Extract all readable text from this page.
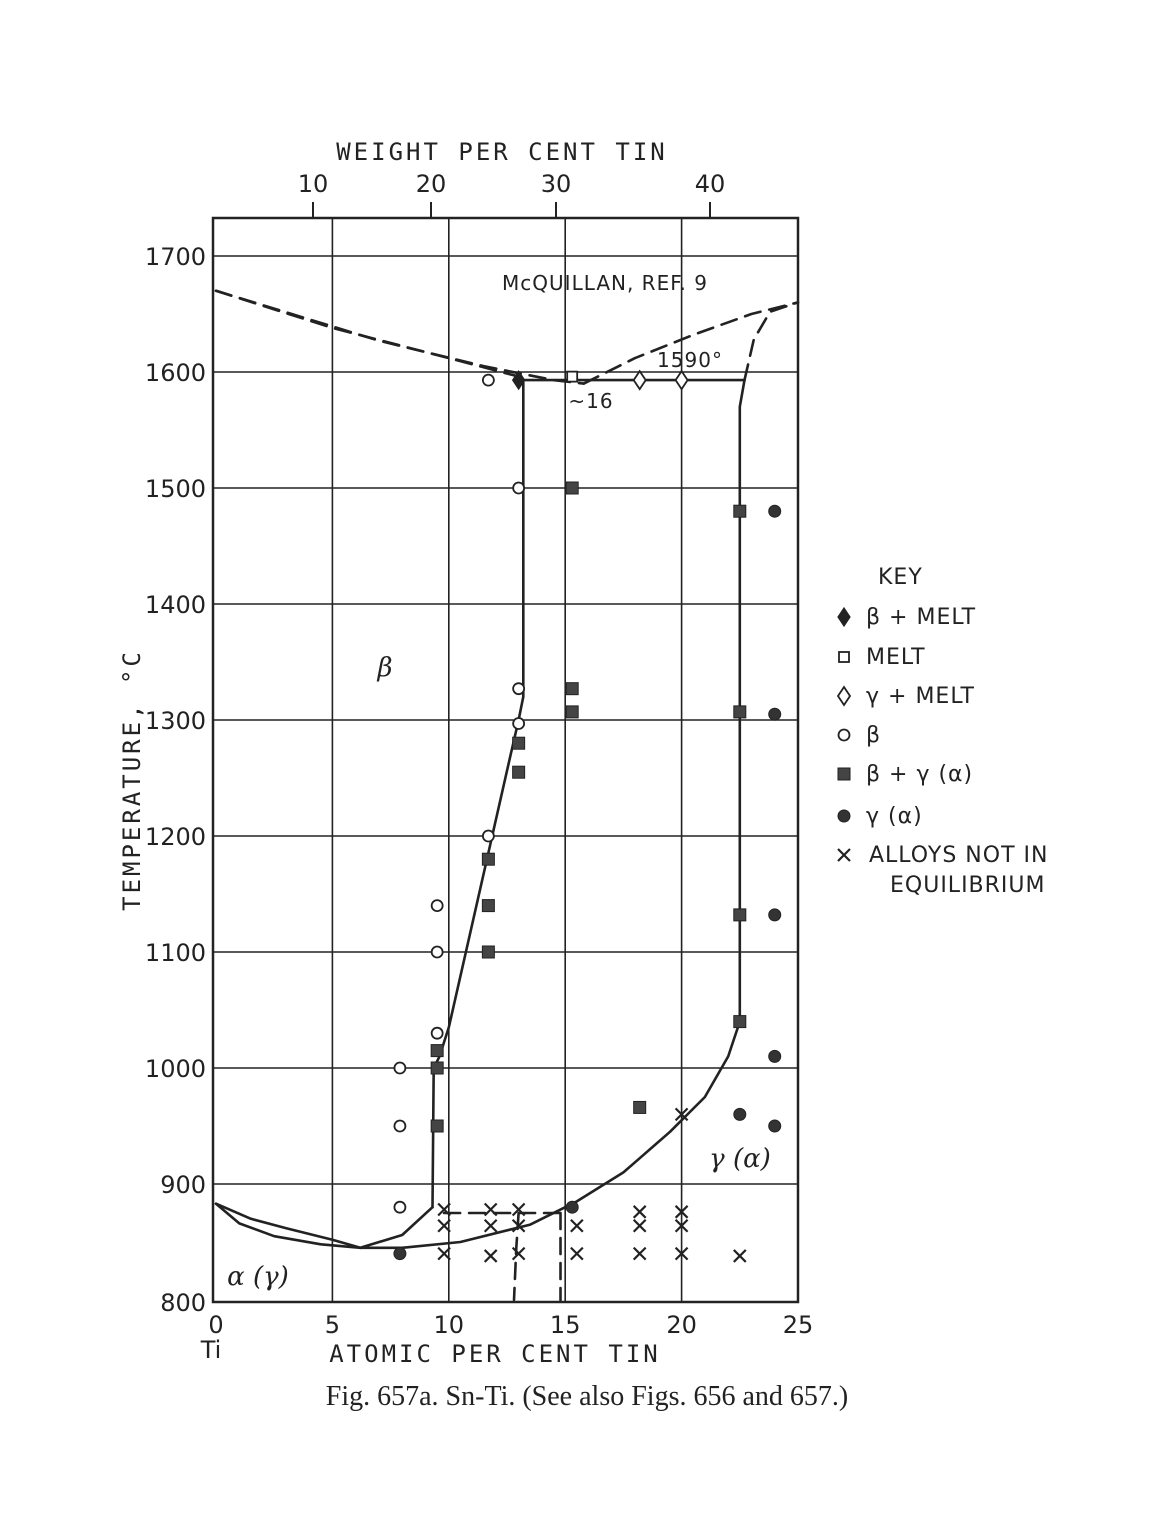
WEIGHT PER CENT TIN
10	20	30	40
0	5	10	15	20	25
800
900
1000
1100
1200
1300
1400
1500
1600
1700
ATOMIC PER CENT TIN
Ti
TEMPERATURE, °C
McQUILLAN, REF. 9
1590°
~16
β
γ (α)
α (γ)
KEY
β + MELT
MELT
γ + MELT
β
β + γ (α)
γ (α)
ALLOYS NOT IN
EQUILIBRIUM
Fig. 657a. Sn-Ti. (See also Figs. 656 and 657.)
